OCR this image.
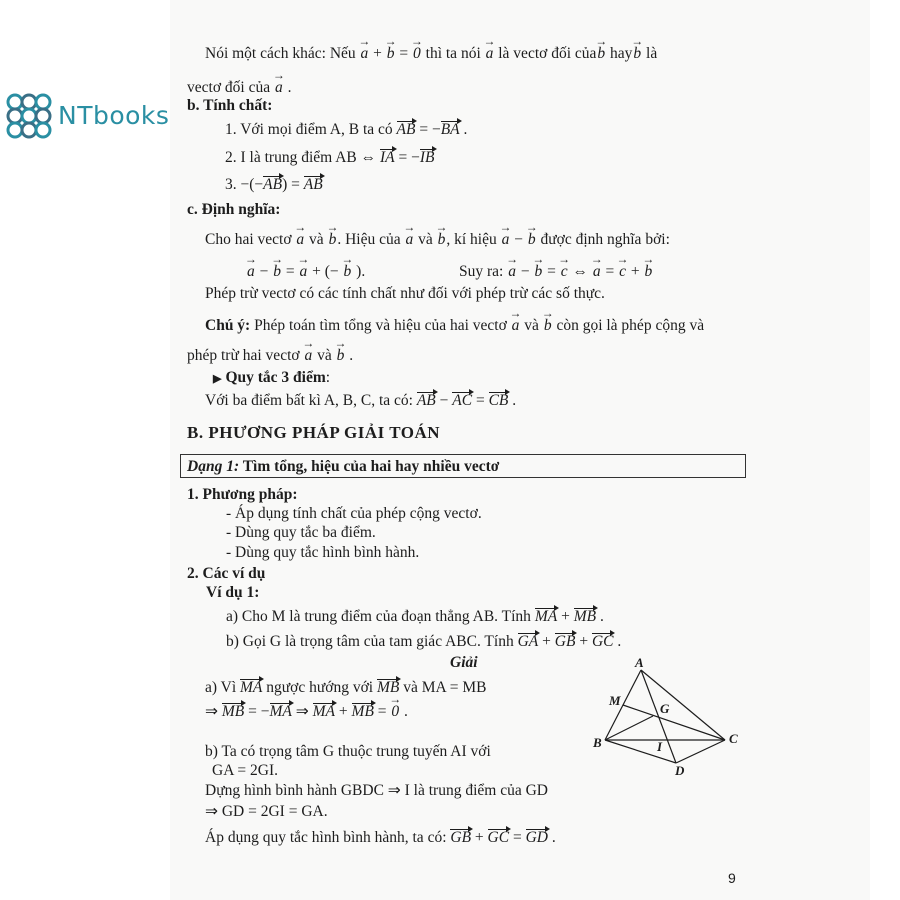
NTbooks
Nói một cách khác: Nếu → a + → b = → 0 thì ta nói → a là vectơ đối của→ b hay→ b là
vectơ đối của → a .
b. Tính chất:
1. Với mọi điểm A, B ta có AB = −BA .
2. I là trung điểm AB ⇔ IA = −IB
3. −(−AB) = AB
c. Định nghĩa:
Cho hai vectơ → a và → b. Hiệu của → a và → b, kí hiệu → a − → b được định nghĩa bởi:
→ a − → b = → a + (− → b ).	Suy ra: → a − → b = → c ⇔ → a = → c + → b
Phép trừ vectơ có các tính chất như đối với phép trừ các số thực.
Chú ý: Phép toán tìm tổng và hiệu của hai vectơ → a và → b còn gọi là phép cộng và
phép trừ hai vectơ → a và → b .
▶ Quy tắc 3 điểm:
Với ba điểm bất kì A, B, C, ta có: AB − AC = CB .
B. PHƯƠNG PHÁP GIẢI TOÁN
Dạng 1: Tìm tổng, hiệu của hai hay nhiều vectơ
1. Phương pháp:
- Áp dụng tính chất của phép cộng vectơ.
- Dùng quy tắc ba điểm.
- Dùng quy tắc hình bình hành.
2. Các ví dụ
Ví dụ 1:
a) Cho M là trung điểm của đoạn thẳng AB. Tính MA + MB .
b) Gọi G là trọng tâm của tam giác ABC. Tính GA + GB + GC .
Giải
a) Vì MA ngược hướng với MB và MA = MB
⇒ MB = −MA ⇒ MA + MB = → 0 .
b) Ta có trọng tâm G thuộc trung tuyến AI với
GA = 2GI.
Dựng hình bình hành GBDC ⇒ I là trung điểm của GD
⇒ GD = 2GI = GA.
Áp dụng quy tắc hình bình hành, ta có: GB + GC = GD .
A
M
G
B	I
C
D
9
